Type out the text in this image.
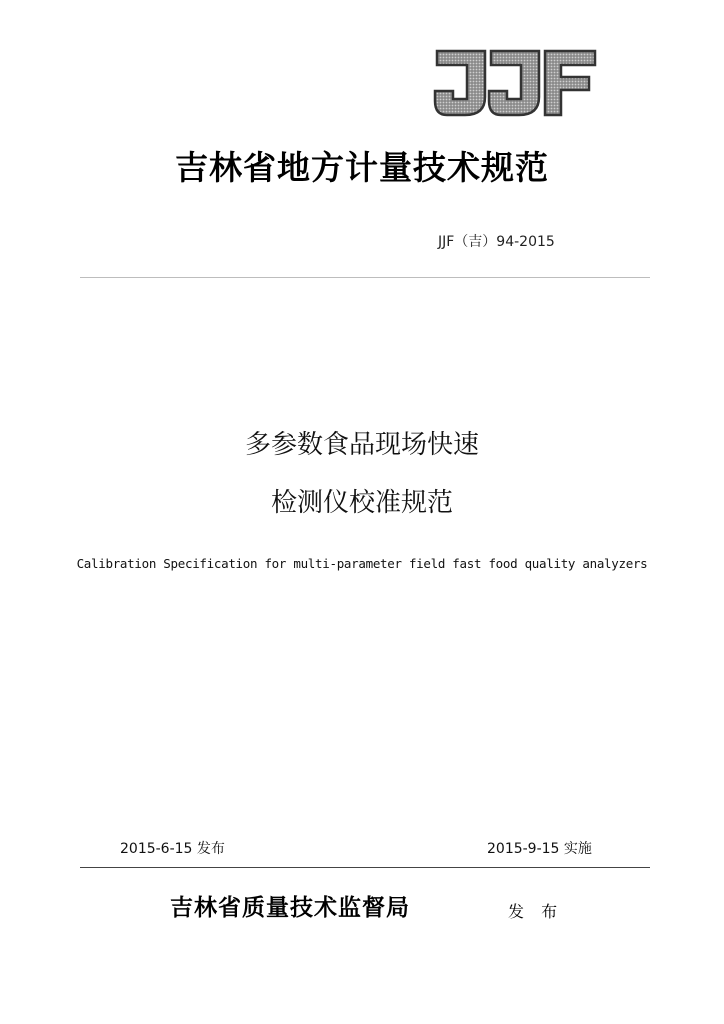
吉林省地方计量技术规范
JJF（吉）94-2015
多参数食品现场快速
检测仪校准规范
Calibration Specification for multi-parameter field fast food quality analyzers
2015-6-15 发布	2015-9-15 实施
吉林省质量技术监督局	发 布
